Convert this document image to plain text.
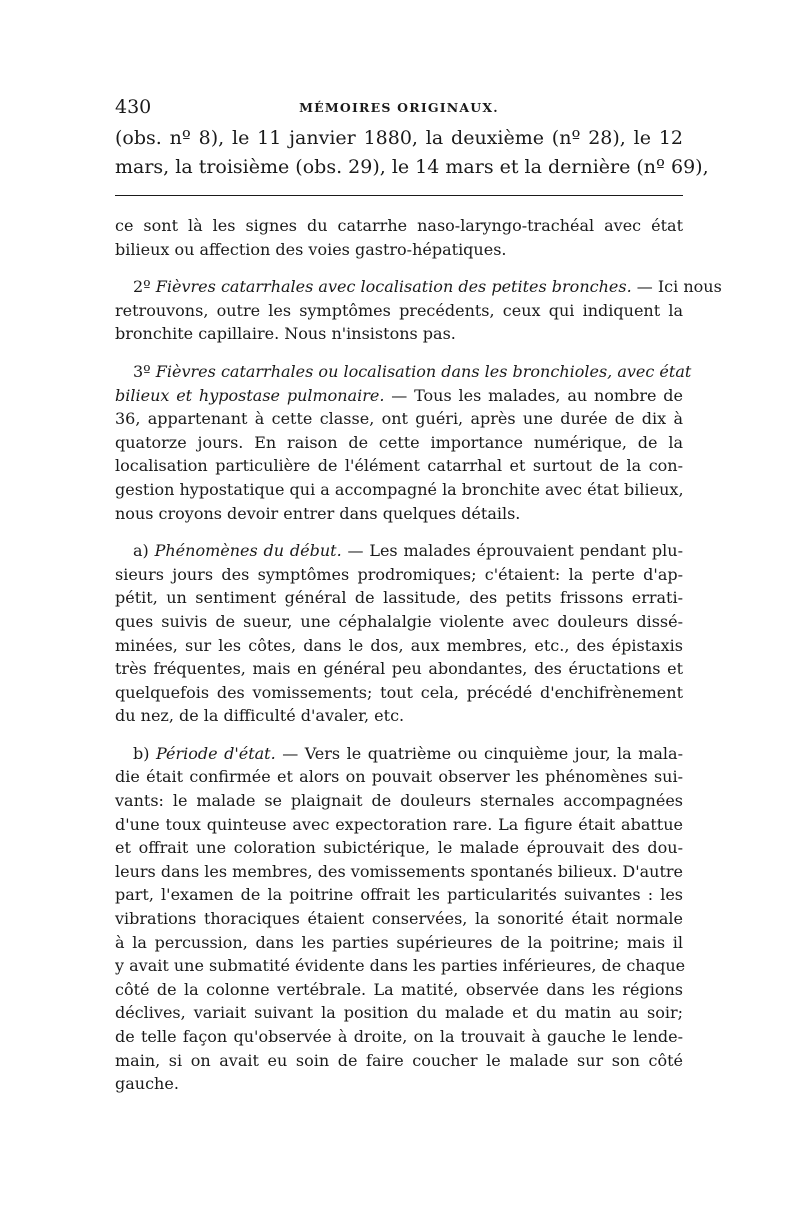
430	MÉMOIRES ORIGINAUX.
(obs. nº 8), le 11 janvier 1880, la deuxième (nº 28), le 12
mars, la troisième (obs. 29), le 14 mars et la dernière (nº 69),
ce sont là les signes du catarrhe naso-laryngo-trachéal avec état
bilieux ou affection des voies gastro-hépatiques.
2º Fièvres catarrhales avec localisation des petites bronches. — Ici nous
retrouvons, outre les symptômes precédents, ceux qui indiquent la
bronchite capillaire. Nous n'insistons pas.
3º Fièvres catarrhales ou localisation dans les bronchioles, avec état
bilieux et hypostase pulmonaire. — Tous les malades, au nombre de
36, appartenant à cette classe, ont guéri, après une durée de dix à
quatorze jours. En raison de cette importance numérique, de la
localisation particulière de l'élément catarrhal et surtout de la con-
gestion hypostatique qui a accompagné la bronchite avec état bilieux,
nous croyons devoir entrer dans quelques détails.
a) Phénomènes du début. — Les malades éprouvaient pendant plu-
sieurs jours des symptômes prodromiques; c'étaient: la perte d'ap-
pétit, un sentiment général de lassitude, des petits frissons errati-
ques suivis de sueur, une céphalalgie violente avec douleurs dissé-
minées, sur les côtes, dans le dos, aux membres, etc., des épistaxis
très fréquentes, mais en général peu abondantes, des éructations et
quelquefois des vomissements; tout cela, précédé d'enchifrènement
du nez, de la difficulté d'avaler, etc.
b) Période d'état. — Vers le quatrième ou cinquième jour, la mala-
die était confirmée et alors on pouvait observer les phénomènes sui-
vants: le malade se plaignait de douleurs sternales accompagnées
d'une toux quinteuse avec expectoration rare. La figure était abattue
et offrait une coloration subictérique, le malade éprouvait des dou-
leurs dans les membres, des vomissements spontanés bilieux. D'autre
part, l'examen de la poitrine offrait les particularités suivantes : les
vibrations thoraciques étaient conservées, la sonorité était normale
à la percussion, dans les parties supérieures de la poitrine; mais il
y avait une submatité évidente dans les parties inférieures, de chaque
côté de la colonne vertébrale. La matité, observée dans les régions
déclives, variait suivant la position du malade et du matin au soir;
de telle façon qu'observée à droite, on la trouvait à gauche le lende-
main, si on avait eu soin de faire coucher le malade sur son côté
gauche.
